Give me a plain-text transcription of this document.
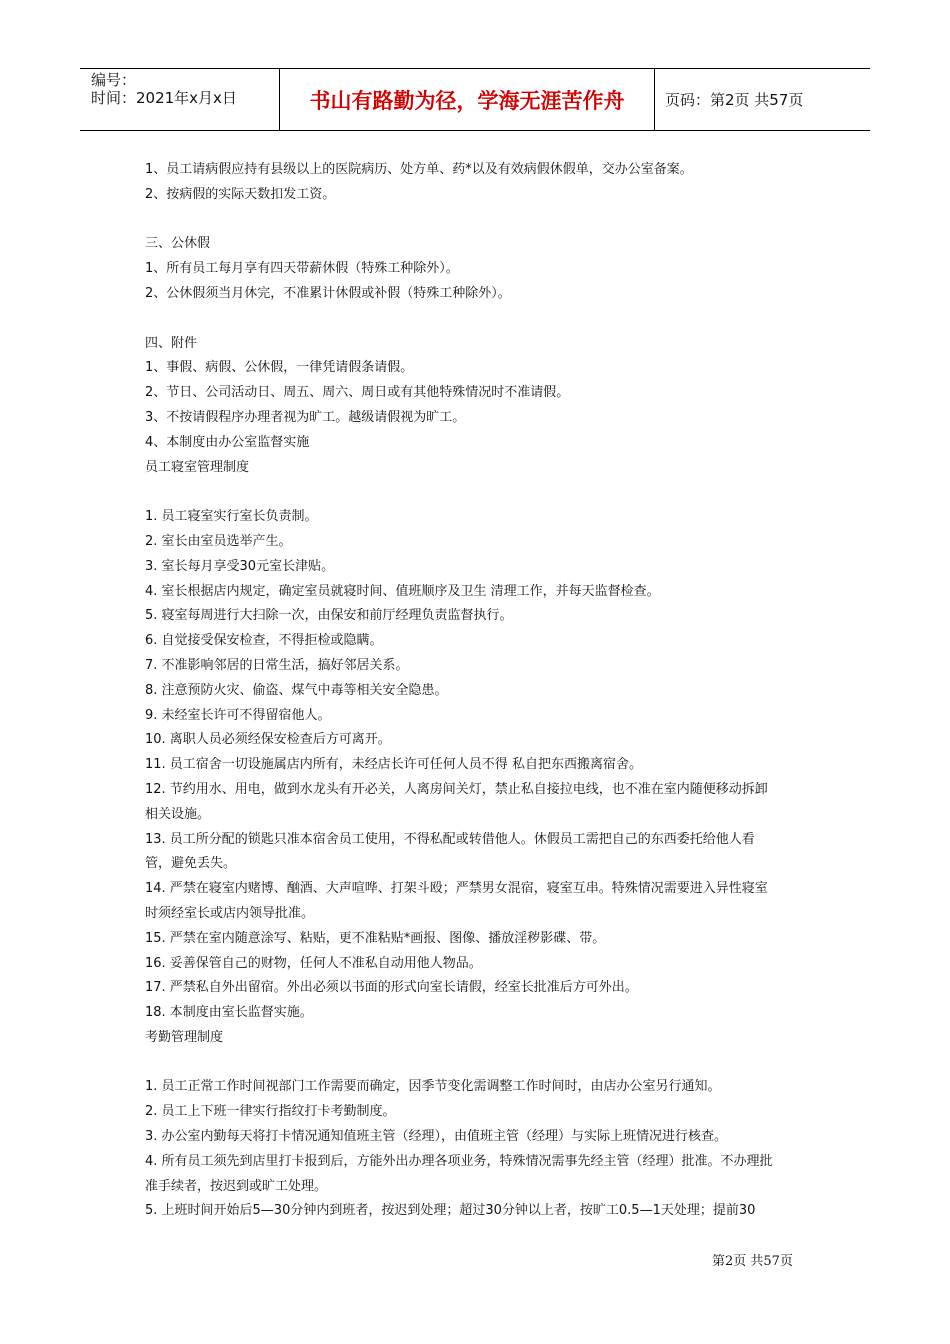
编号：
时间：2021年x月x日	书山有路勤为径，学海无涯苦作舟	页码：第2页 共57页

1、员工请病假应持有县级以上的医院病历、处方单、药*以及有效病假休假单，交办公室备案。

2、按病假的实际天数扣发工资。

三、公休假

1、所有员工每月享有四天带薪休假（特殊工种除外）。

2、公休假须当月休完，不准累计休假或补假（特殊工种除外）。

四、附件

1、事假、病假、公休假，一律凭请假条请假。

2、节日、公司活动日、周五、周六、周日或有其他特殊情况时不准请假。

3、不按请假程序办理者视为旷工。越级请假视为旷工。

4、本制度由办公室监督实施

员工寝室管理制度

1. 员工寝室实行室长负责制。

2. 室长由室员选举产生。

3. 室长每月享受30元室长津贴。

4. 室长根据店内规定，确定室员就寝时间、值班顺序及卫生 清理工作，并每天监督检查。

5. 寝室每周进行大扫除一次，由保安和前厅经理负责监督执行。

6. 自觉接受保安检查，不得拒检或隐瞒。

7. 不准影响邻居的日常生活，搞好邻居关系。

8. 注意预防火灾、偷盗、煤气中毒等相关安全隐患。

9. 未经室长许可不得留宿他人。

10. 离职人员必须经保安检查后方可离开。

11. 员工宿舍一切设施属店内所有，未经店长许可任何人员不得 私自把东西搬离宿舍。

12. 节约用水、用电，做到水龙头有开必关，人离房间关灯，禁止私自接拉电线，也不准在室内随便移动拆卸

相关设施。

13. 员工所分配的锁匙只准本宿舍员工使用，不得私配或转借他人。休假员工需把自己的东西委托给他人看

管，避免丢失。

14. 严禁在寝室内赌博、酗酒、大声喧哗、打架斗殴；严禁男女混宿，寝室互串。特殊情况需要进入异性寝室

时须经室长或店内领导批准。

15. 严禁在室内随意涂写、粘贴，更不准粘贴*画报、图像、播放淫秽影碟、带。

16. 妥善保管自己的财物，任何人不准私自动用他人物品。

17. 严禁私自外出留宿。外出必须以书面的形式向室长请假，经室长批准后方可外出。

18. 本制度由室长监督实施。

考勤管理制度

1. 员工正常工作时间视部门工作需要而确定，因季节变化需调整工作时间时，由店办公室另行通知。

2. 员工上下班一律实行指纹打卡考勤制度。

3. 办公室内勤每天将打卡情况通知值班主管（经理），由值班主管（经理）与实际上班情况进行核查。

4. 所有员工须先到店里打卡报到后，方能外出办理各项业务，特殊情况需事先经主管（经理）批准。不办理批

准手续者，按迟到或旷工处理。

5. 上班时间开始后5—30分钟内到班者，按迟到处理；超过30分钟以上者，按旷工0.5—1天处理；提前30

第2页 共57页
